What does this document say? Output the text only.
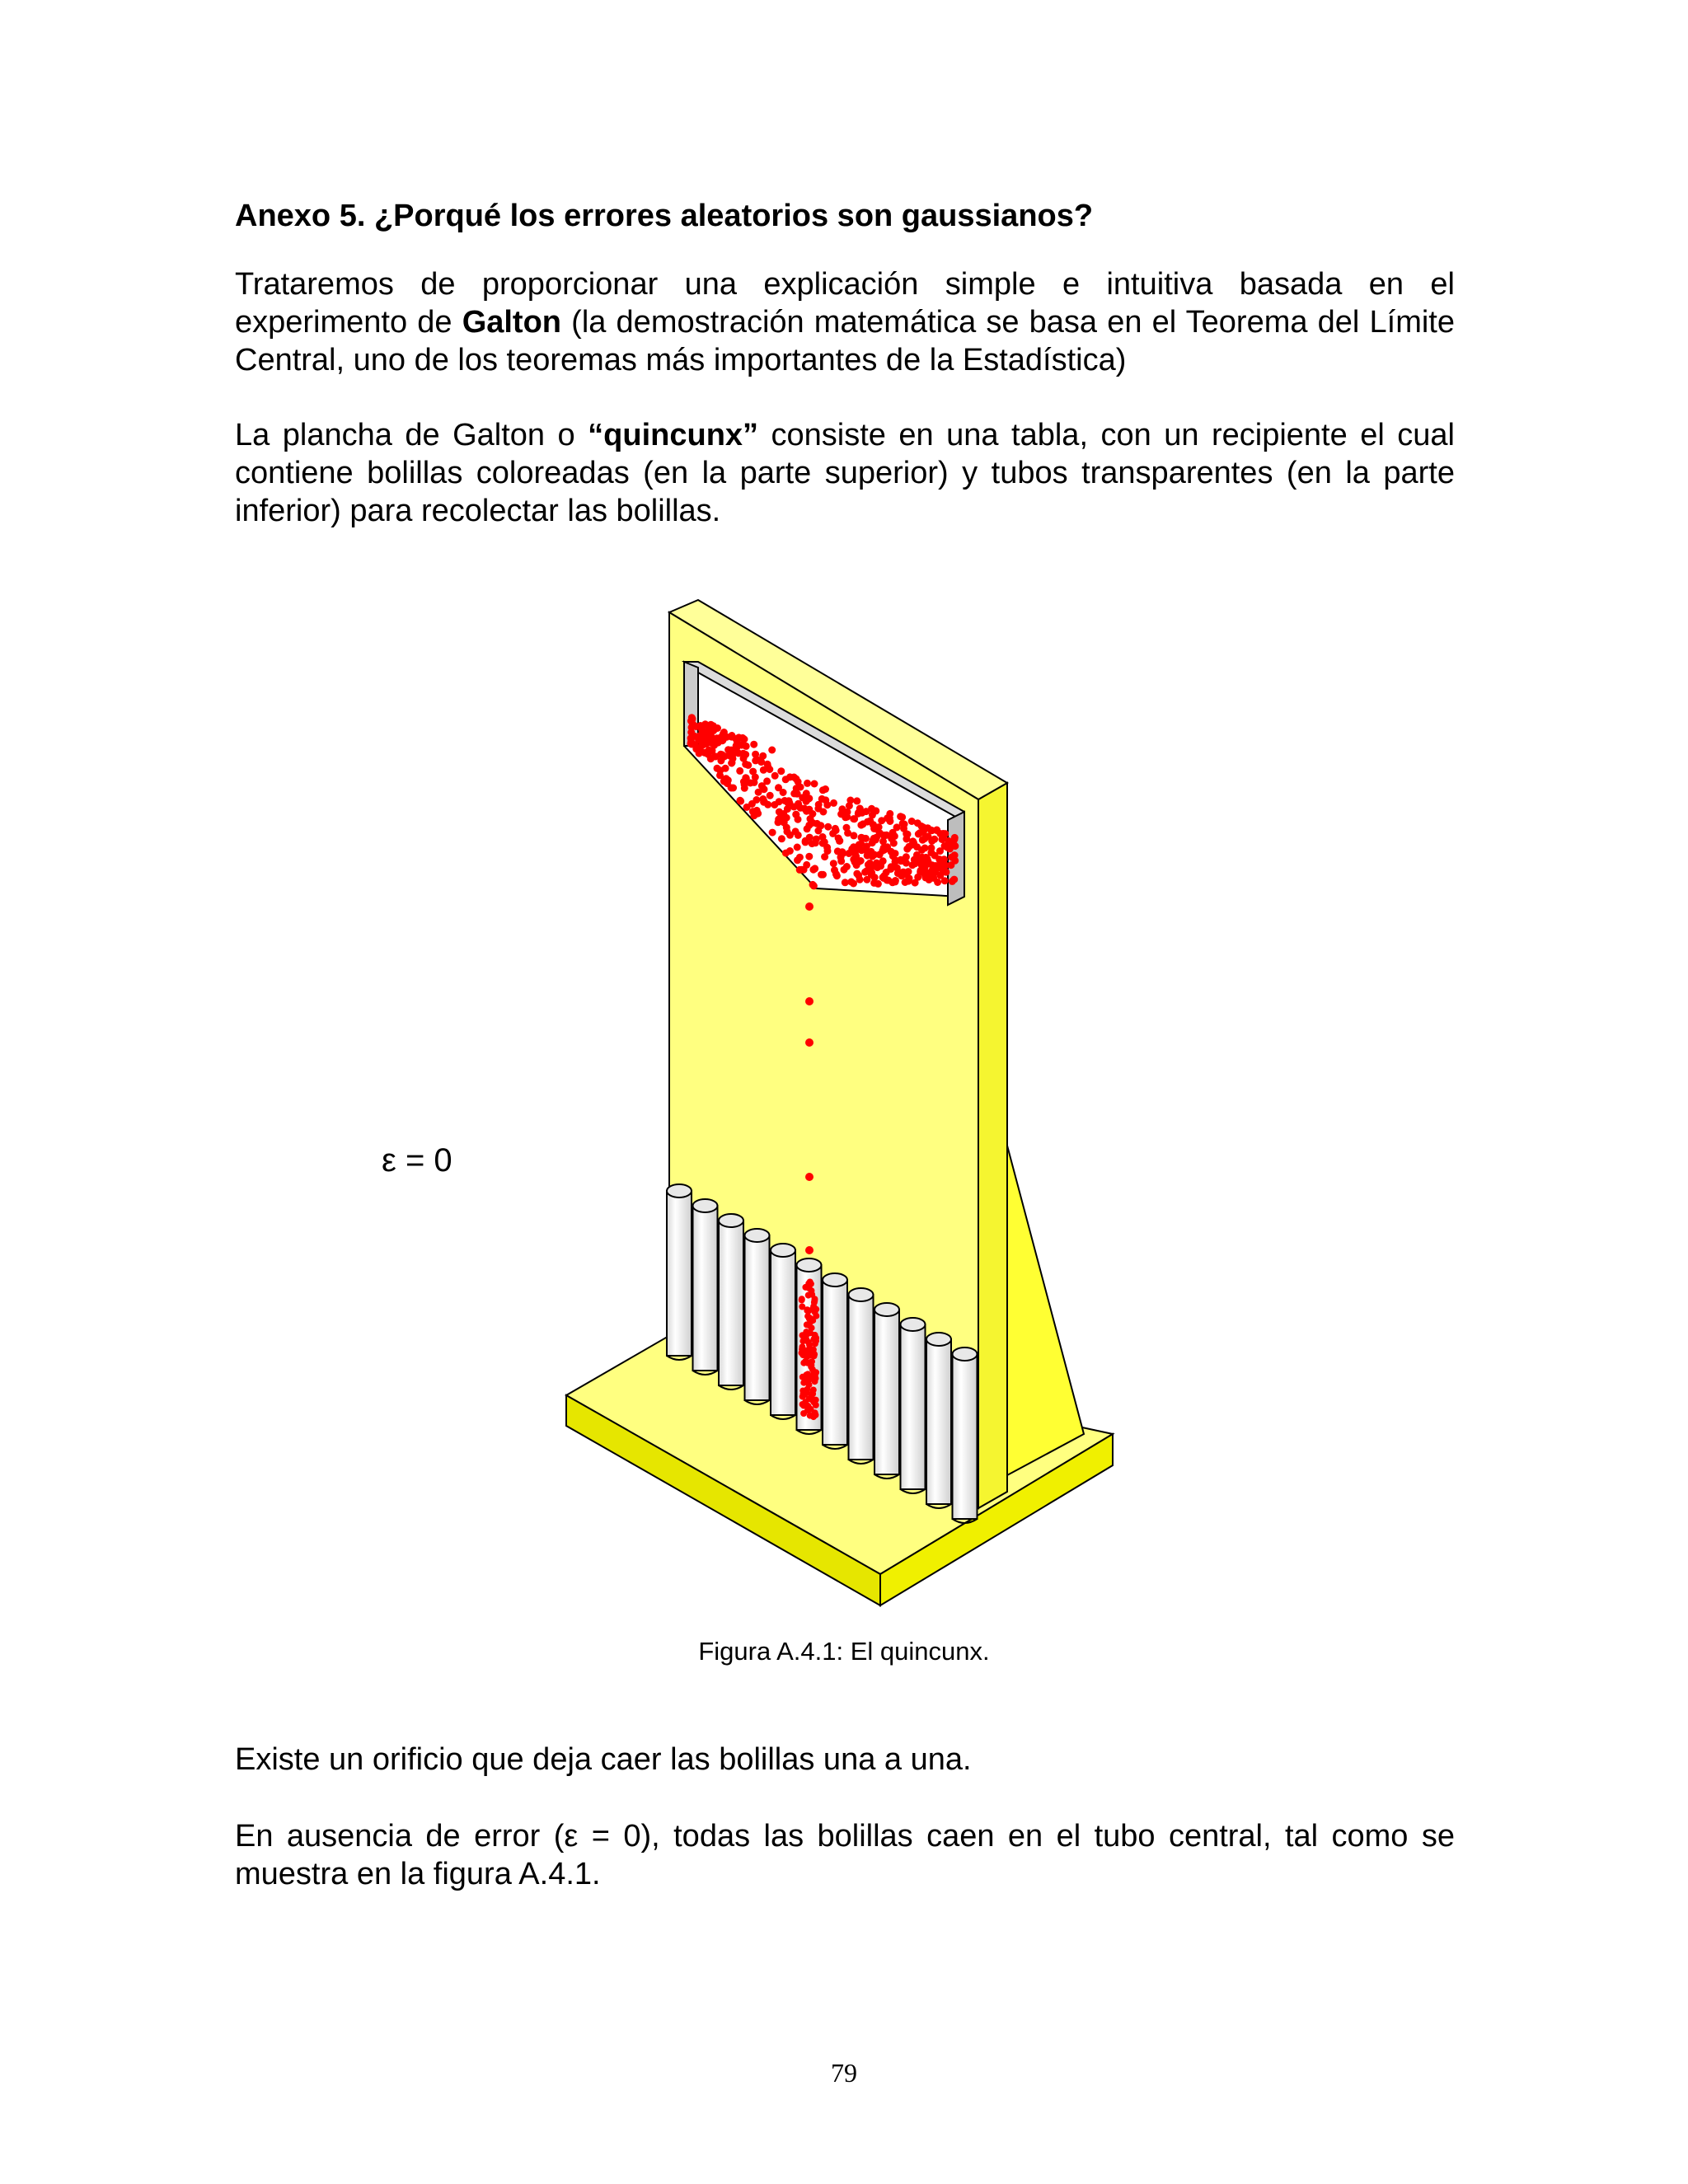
Anexo 5. ¿Porqué los errores aleatorios son gaussianos?
Trataremos de proporcionar una explicación simple e intuitiva basada en el experimento de Galton (la demostración matemática se basa en el Teorema del Límite Central, uno de los teoremas más importantes de la Estadística)
La plancha de Galton o “quincunx” consiste en una tabla, con un recipiente el cual contiene bolillas coloreadas (en la parte superior) y tubos transparentes (en la parte inferior) para recolectar las bolillas.
ε = 0
Figura A.4.1: El quincunx.
Existe un orificio que deja caer las bolillas una a una.
En ausencia de error (ε = 0), todas las bolillas caen en el tubo central, tal como se muestra en la figura A.4.1.
79
